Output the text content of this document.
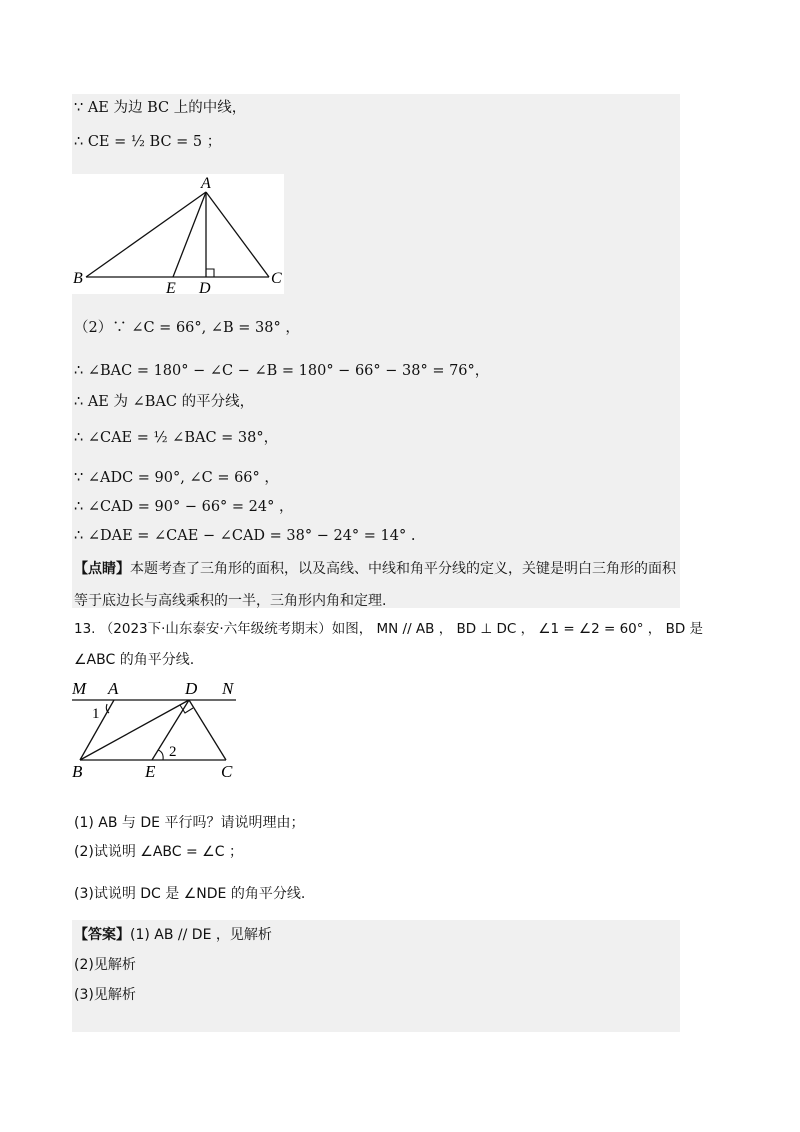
∵ AE 为边 BC 上的中线，
∴ CE = ½ BC = 5 ；
A
B	C
E D
（2）∵ ∠C = 66°, ∠B = 38° ，
∴ ∠BAC = 180° − ∠C − ∠B = 180° − 66° − 38° = 76°，
∴ AE 为 ∠BAC 的平分线，
∴ ∠CAE = ½ ∠BAC = 38°，
∵ ∠ADC = 90°, ∠C = 66° ，
∴ ∠CAD = 90° − 66° = 24° ，
∴ ∠DAE = ∠CAE − ∠CAD = 38° − 24° = 14° .
【点睛】本题考查了三角形的面积，以及高线、中线和角平分线的定义，关键是明白三角形的面积
等于底边长与高线乘积的一半，三角形内角和定理.
13. （2023下·山东泰安·六年级统考期末）如图， MN // AB ， BD ⊥ DC ， ∠1 = ∠2 = 60° ， BD 是
∠ABC 的角平分线.
M A	D N
B	E	C
1
2
(1) AB 与 DE 平行吗？请说明理由；
(2)试说明 ∠ABC = ∠C ；
(3)试说明 DC 是 ∠NDE 的角平分线.
【答案】(1) AB // DE ，见解析
(2)见解析
(3)见解析
